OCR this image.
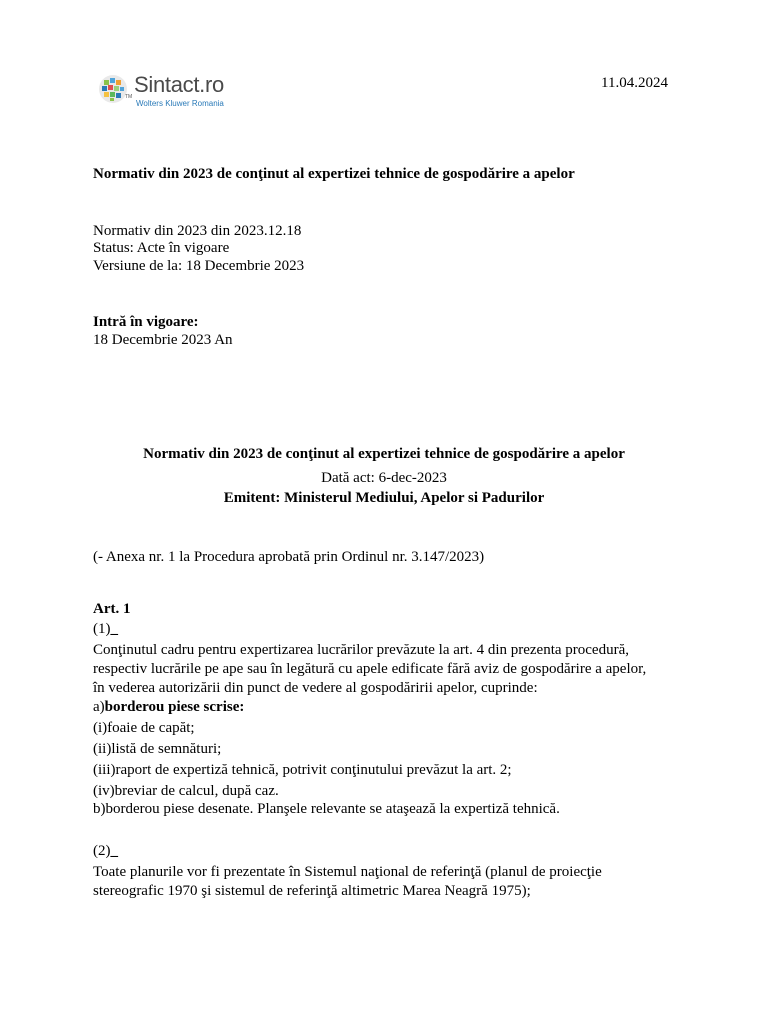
TM Sintact.ro
Wolters Kluwer Romania
11.04.2024
Normativ din 2023 de conţinut al expertizei tehnice de gospodărire a apelor
Normativ din 2023 din 2023.12.18
Status: Acte în vigoare
Versiune de la: 18 Decembrie 2023
Intră în vigoare:
18 Decembrie 2023 An
Normativ din 2023 de conţinut al expertizei tehnice de gospodărire a apelor
Dată act: 6-dec-2023
Emitent: Ministerul Mediului, Apelor si Padurilor
(- Anexa nr. 1 la Procedura aprobată prin Ordinul nr. 3.147/2023)
Art. 1
(1)_
Conţinutul cadru pentru expertizarea lucrărilor prevăzute la art. 4 din prezenta procedură,
respectiv lucrările pe ape sau în legătură cu apele edificate fără aviz de gospodărire a apelor,
în vederea autorizării din punct de vedere al gospodăririi apelor, cuprinde:
a)borderou piese scrise:
(i)foaie de capăt;
(ii)listă de semnături;
(iii)raport de expertiză tehnică, potrivit conţinutului prevăzut la art. 2;
(iv)breviar de calcul, după caz.
b)borderou piese desenate. Planşele relevante se ataşează la expertiză tehnică.
(2)_
Toate planurile vor fi prezentate în Sistemul naţional de referinţă (planul de proiecţie
stereografic 1970 şi sistemul de referinţă altimetric Marea Neagră 1975);
